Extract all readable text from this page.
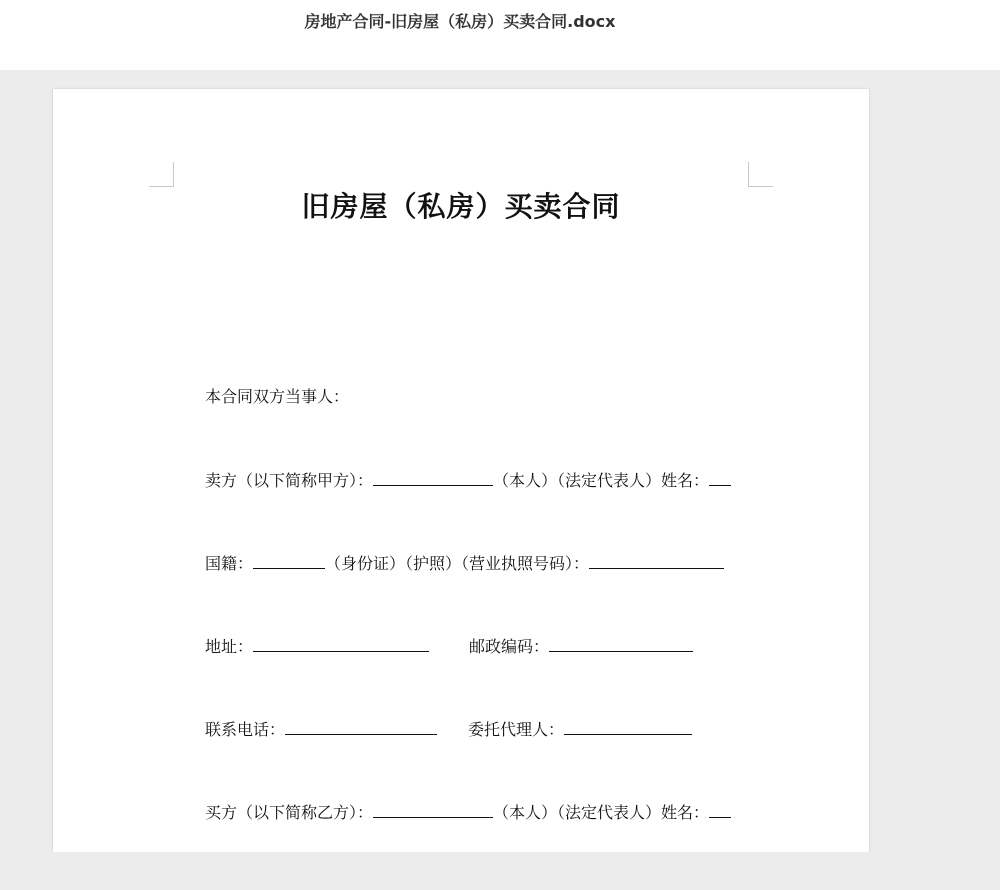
房地产合同-旧房屋（私房）买卖合同.docx
旧房屋（私房）买卖合同
本合同双方当事人：
卖方（以下简称甲方）：	（本人）（法定代表人）姓名：
国籍：	（身份证）（护照）（营业执照号码）：
地址：	邮政编码：
联系电话：	委托代理人：
买方（以下简称乙方）：	（本人）（法定代表人）姓名：
